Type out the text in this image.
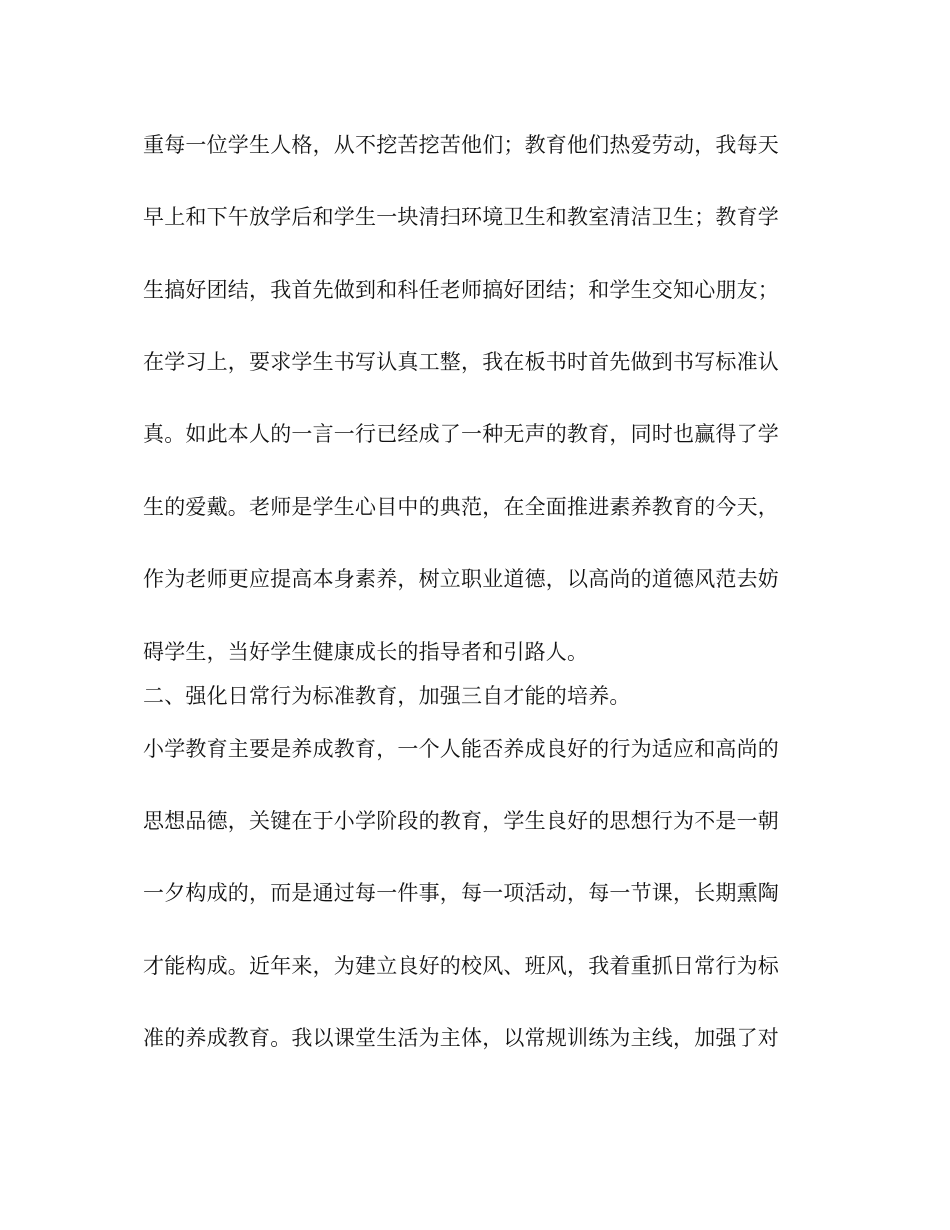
重每一位学生人格，从不挖苦挖苦他们；教育他们热爱劳动，我每天
早上和下午放学后和学生一块清扫环境卫生和教室清洁卫生；教育学
生搞好团结，我首先做到和科任老师搞好团结；和学生交知心朋友；
在学习上，要求学生书写认真工整，我在板书时首先做到书写标准认
真。如此本人的一言一行已经成了一种无声的教育，同时也赢得了学
生的爱戴。老师是学生心目中的典范，在全面推进素养教育的今天，
作为老师更应提高本身素养，树立职业道德，以高尚的道德风范去妨
碍学生，当好学生健康成长的指导者和引路人。
二、强化日常行为标准教育，加强三自才能的培养。
小学教育主要是养成教育，一个人能否养成良好的行为适应和高尚的
思想品德，关键在于小学阶段的教育，学生良好的思想行为不是一朝
一夕构成的，而是通过每一件事，每一项活动，每一节课，长期熏陶
才能构成。近年来，为建立良好的校风、班风，我着重抓日常行为标
准的养成教育。我以课堂生活为主体，以常规训练为主线，加强了对
